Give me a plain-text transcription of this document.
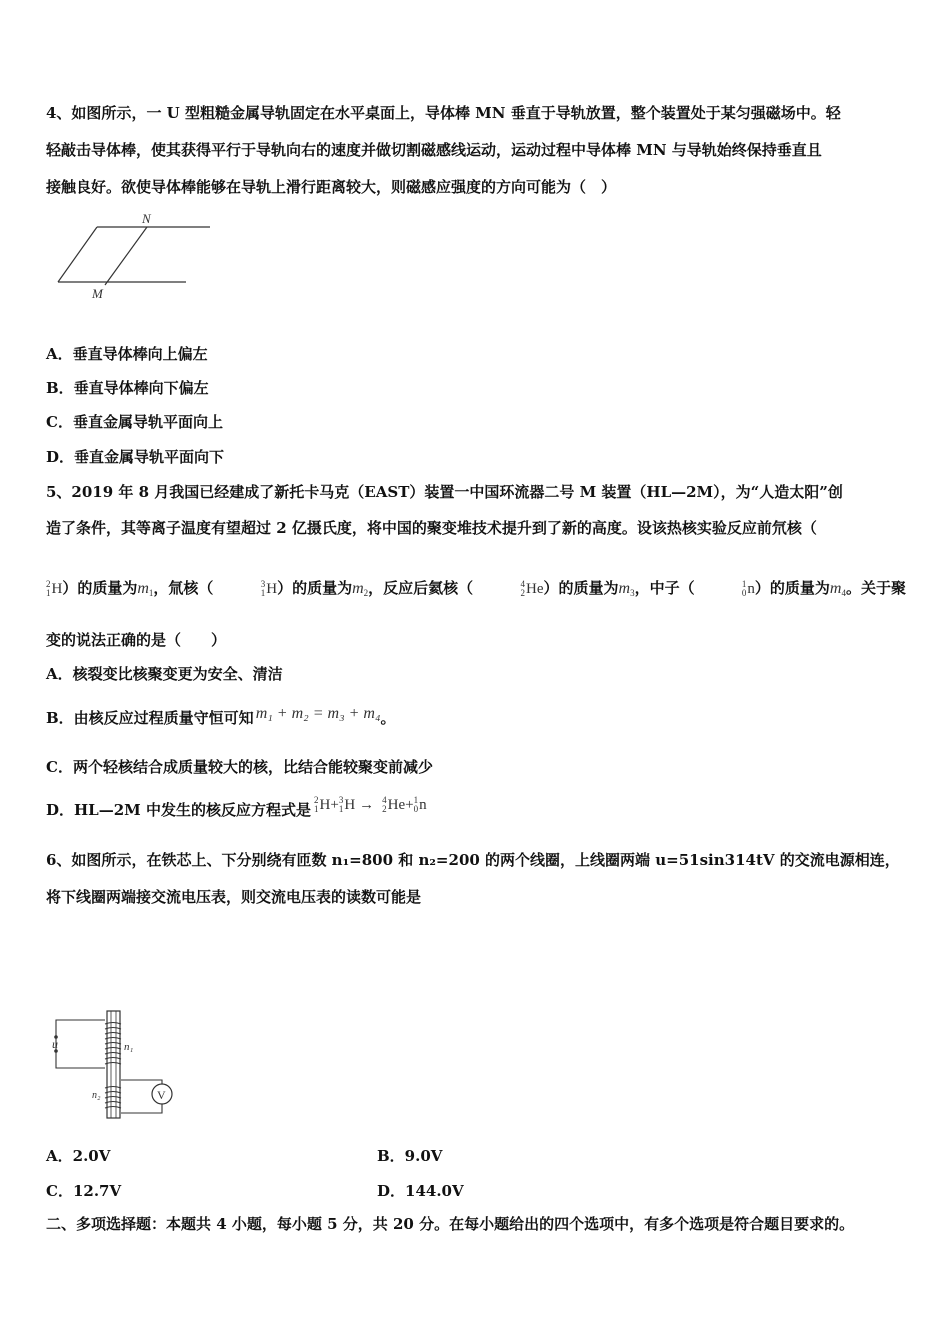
4、如图所示，一 U 型粗糙金属导轨固定在水平桌面上，导体棒 MN 垂直于导轨放置，整个装置处于某匀强磁场中。轻
轻敲击导体棒，使其获得平行于导轨向右的速度并做切割磁感线运动，运动过程中导体棒 MN 与导轨始终保持垂直且
接触良好。欲使导体棒能够在导轨上滑行距离较大，则磁感应强度的方向可能为（　）
N
M
A．垂直导体棒向上偏左
B．垂直导体棒向下偏左
C．垂直金属导轨平面向上
D．垂直金属导轨平面向下
5、2019 年 8 月我国已经建成了新托卡马克（EAST）装置一中国环流器二号 M 装置（HL—2M），为“人造太阳”创
造了条件，其等离子温度有望超过 2 亿摄氏度，将中国的聚变堆技术提升到了新的高度。设该热核实验反应前氘核（
2
1 H ）的质量为$m_1$，氚核（	3
1 H ）的质量为$m_2$，反应后氦核（	4
2 He ）的质量为$m_3$，中子（	1
0 n ）的质量为$m_4$。关于聚
变的说法正确的是（　　）
A．核裂变比核聚变更为安全、清洁
B．由核反应过程质量守恒可知 m₁ + m₂ = m₃ + m₄。
C．两个轻核结合成质量较大的核，比结合能较聚变前减少
D．HL—2M 中发生的核反应方程式是
2
1 H + 3
1 H → 4
2 He + 1
0 n
6、如图所示，在铁芯上、下分别绕有匝数 n₁=800 和 n₂=200 的两个线圈，上线圈两端 u=51sin314tV 的交流电源相连，
将下线圈两端接交流电压表，则交流电压表的读数可能是
u	n₁
n₂	V
A．2.0V	B．9.0V
C．12.7V	D．144.0V
二、多项选择题：本题共 4 小题，每小题 5 分，共 20 分。在每小题给出的四个选项中，有多个选项是符合题目要求的。
